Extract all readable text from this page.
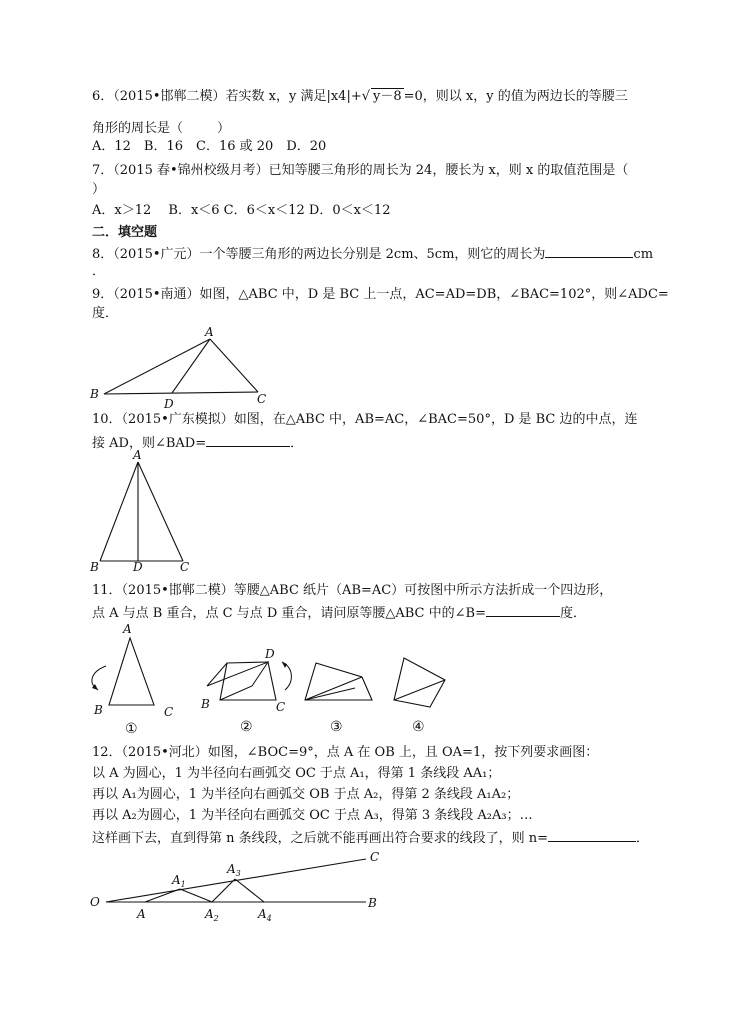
6．（2015•邯郸二模）若实数 x，y 满足|x4|+√ y－8 =0，则以 x，y 的值为两边长的等腰三
角形的周长是（	）
A．12　B．16　C．16 或 20　D．20
7．（2015 春•锦州校级月考）已知等腰三角形的周长为 24，腰长为 x，则 x 的取值范围是（
）
A．x＞12　 B．x＜6 C．6＜x＜12 D．0＜x＜12
二．填空题
8．（2015•广元）一个等腰三角形的两边长分别是 2cm、5cm，则它的周长为	cm
．
9．（2015•南通）如图，△ABC 中，D 是 BC 上一点，AC=AD=DB，∠BAC=102°，则∠ADC=
度．
A
B
D	C
10．（2015•广东模拟）如图，在△ABC 中，AB=AC，∠BAC=50°，D 是 BC 边的中点，连
接 AD，则∠BAD=	．
A
B	D	C
11．（2015•邯郸二模）等腰△ABC 纸片（AB=AC）可按图中所示方法折成一个四边形，
点 A 与点 B 重合，点 C 与点 D 重合，请问原等腰△ABC 中的∠B=	度．
A
B	C
①
D
B	C
②	③	④
12．（2015•河北）如图，∠BOC=9°，点 A 在 OB 上，且 OA=1，按下列要求画图：
以 A 为圆心，1 为半径向右画弧交 OC 于点 A₁，得第 1 条线段 AA₁；
再以 A₁为圆心，1 为半径向右画弧交 OB 于点 A₂，得第 2 条线段 A₁A₂；
再以 A₂为圆心，1 为半径向右画弧交 OC 于点 A₃，得第 3 条线段 A₂A₃；…
这样画下去，直到得第 n 条线段，之后就不能再画出符合要求的线段了，则 n=	．
O
A
$A_1$
$A_2$
$A_3$
$A_4$
B
C
